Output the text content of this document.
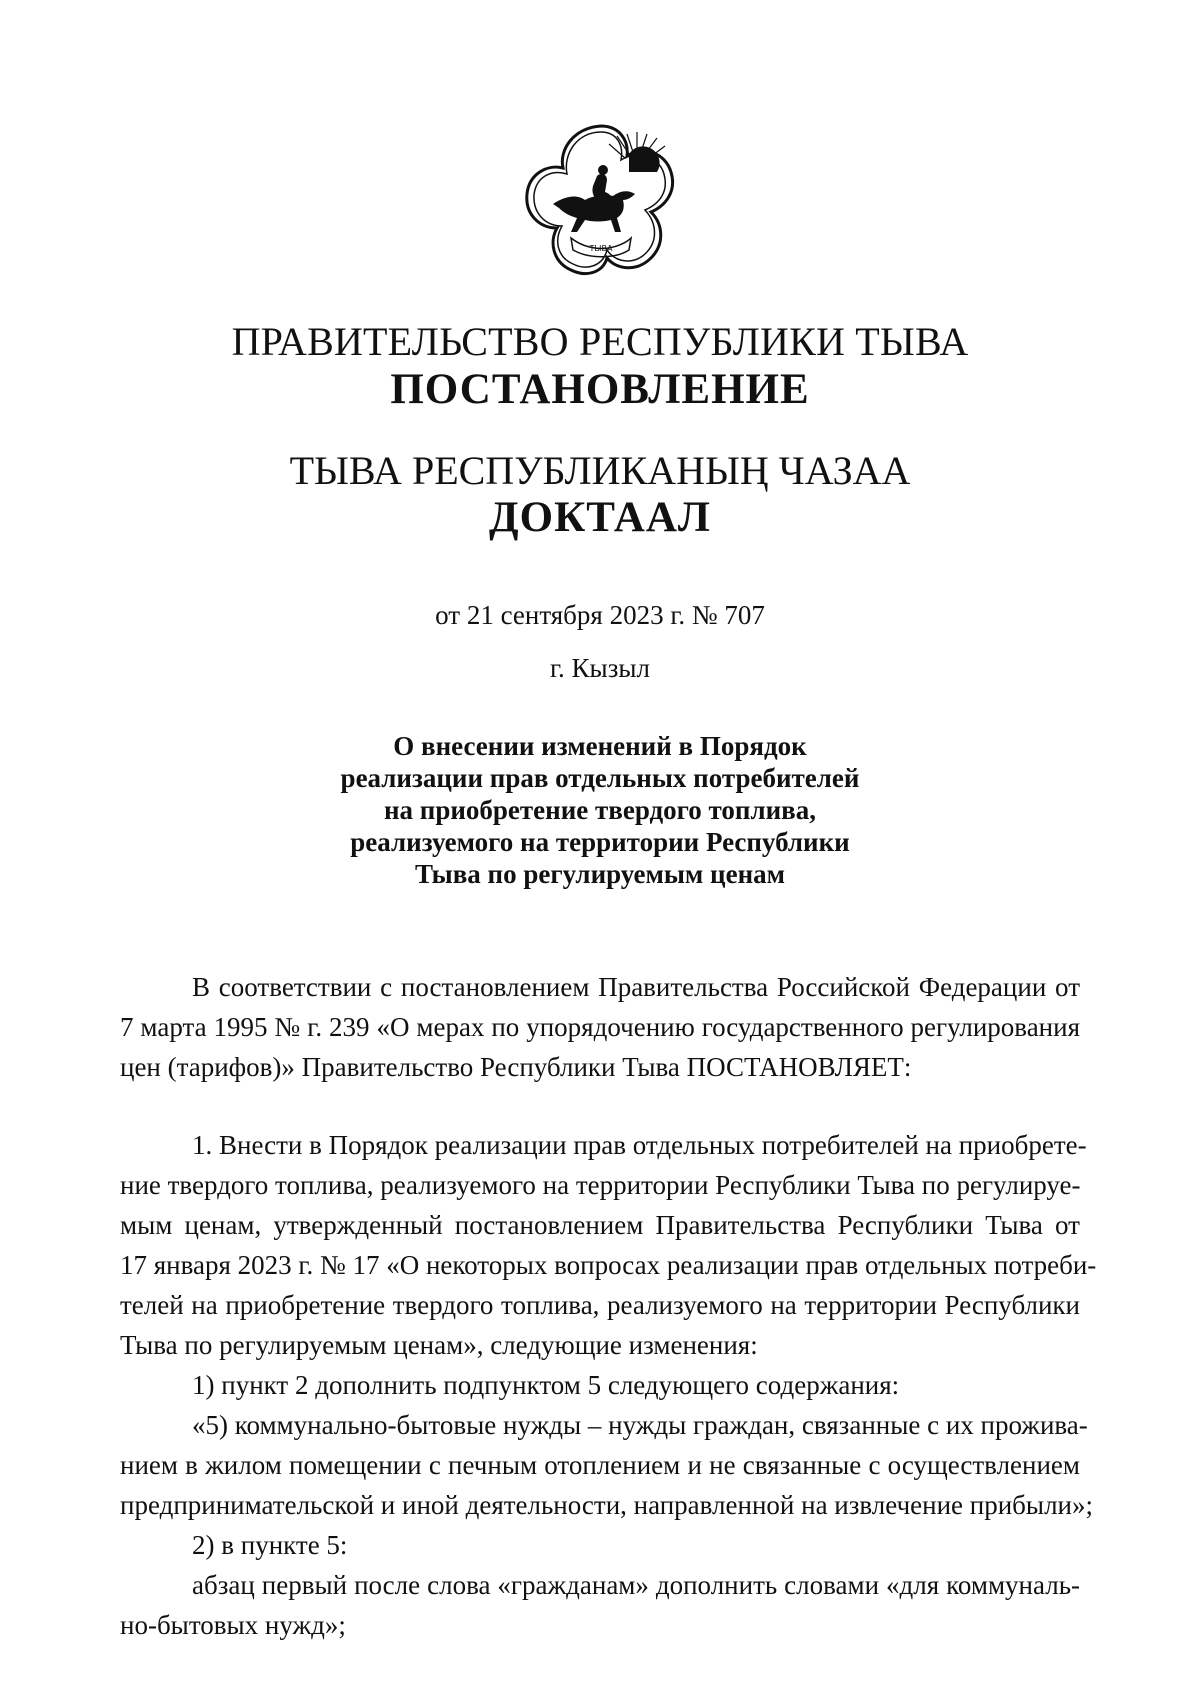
ТЫВА
ПРАВИТЕЛЬСТВО РЕСПУБЛИКИ ТЫВА
ПОСТАНОВЛЕНИЕ
ТЫВА РЕСПУБЛИКАНЫҢ ЧАЗАА
ДОКТААЛ
от 21 сентября 2023 г. № 707
г. Кызыл
О внесении изменений в Порядок
реализации прав отдельных потребителей
на приобретение твердого топлива,
реализуемого на территории Республики
Тыва по регулируемым ценам
В соответствии с постановлением Правительства Российской Федерации от
7 марта 1995 № г. 239 «О мерах по упорядочению государственного регулирования
цен (тарифов)» Правительство Республики Тыва ПОСТАНОВЛЯЕТ:
1. Внести в Порядок реализации прав отдельных потребителей на приобрете-
ние твердого топлива, реализуемого на территории Республики Тыва по регулируе-
мым ценам, утвержденный постановлением Правительства Республики Тыва от
17 января 2023 г. № 17 «О некоторых вопросах реализации прав отдельных потреби-
телей на приобретение твердого топлива, реализуемого на территории Республики
Тыва по регулируемым ценам», следующие изменения:
1) пункт 2 дополнить подпунктом 5 следующего содержания:
«5) коммунально-бытовые нужды – нужды граждан, связанные с их прожива-
нием в жилом помещении с печным отоплением и не связанные с осуществлением
предпринимательской и иной деятельности, направленной на извлечение прибыли»;
2) в пункте 5:
абзац первый после слова «гражданам» дополнить словами «для коммуналь-
но-бытовых нужд»;
